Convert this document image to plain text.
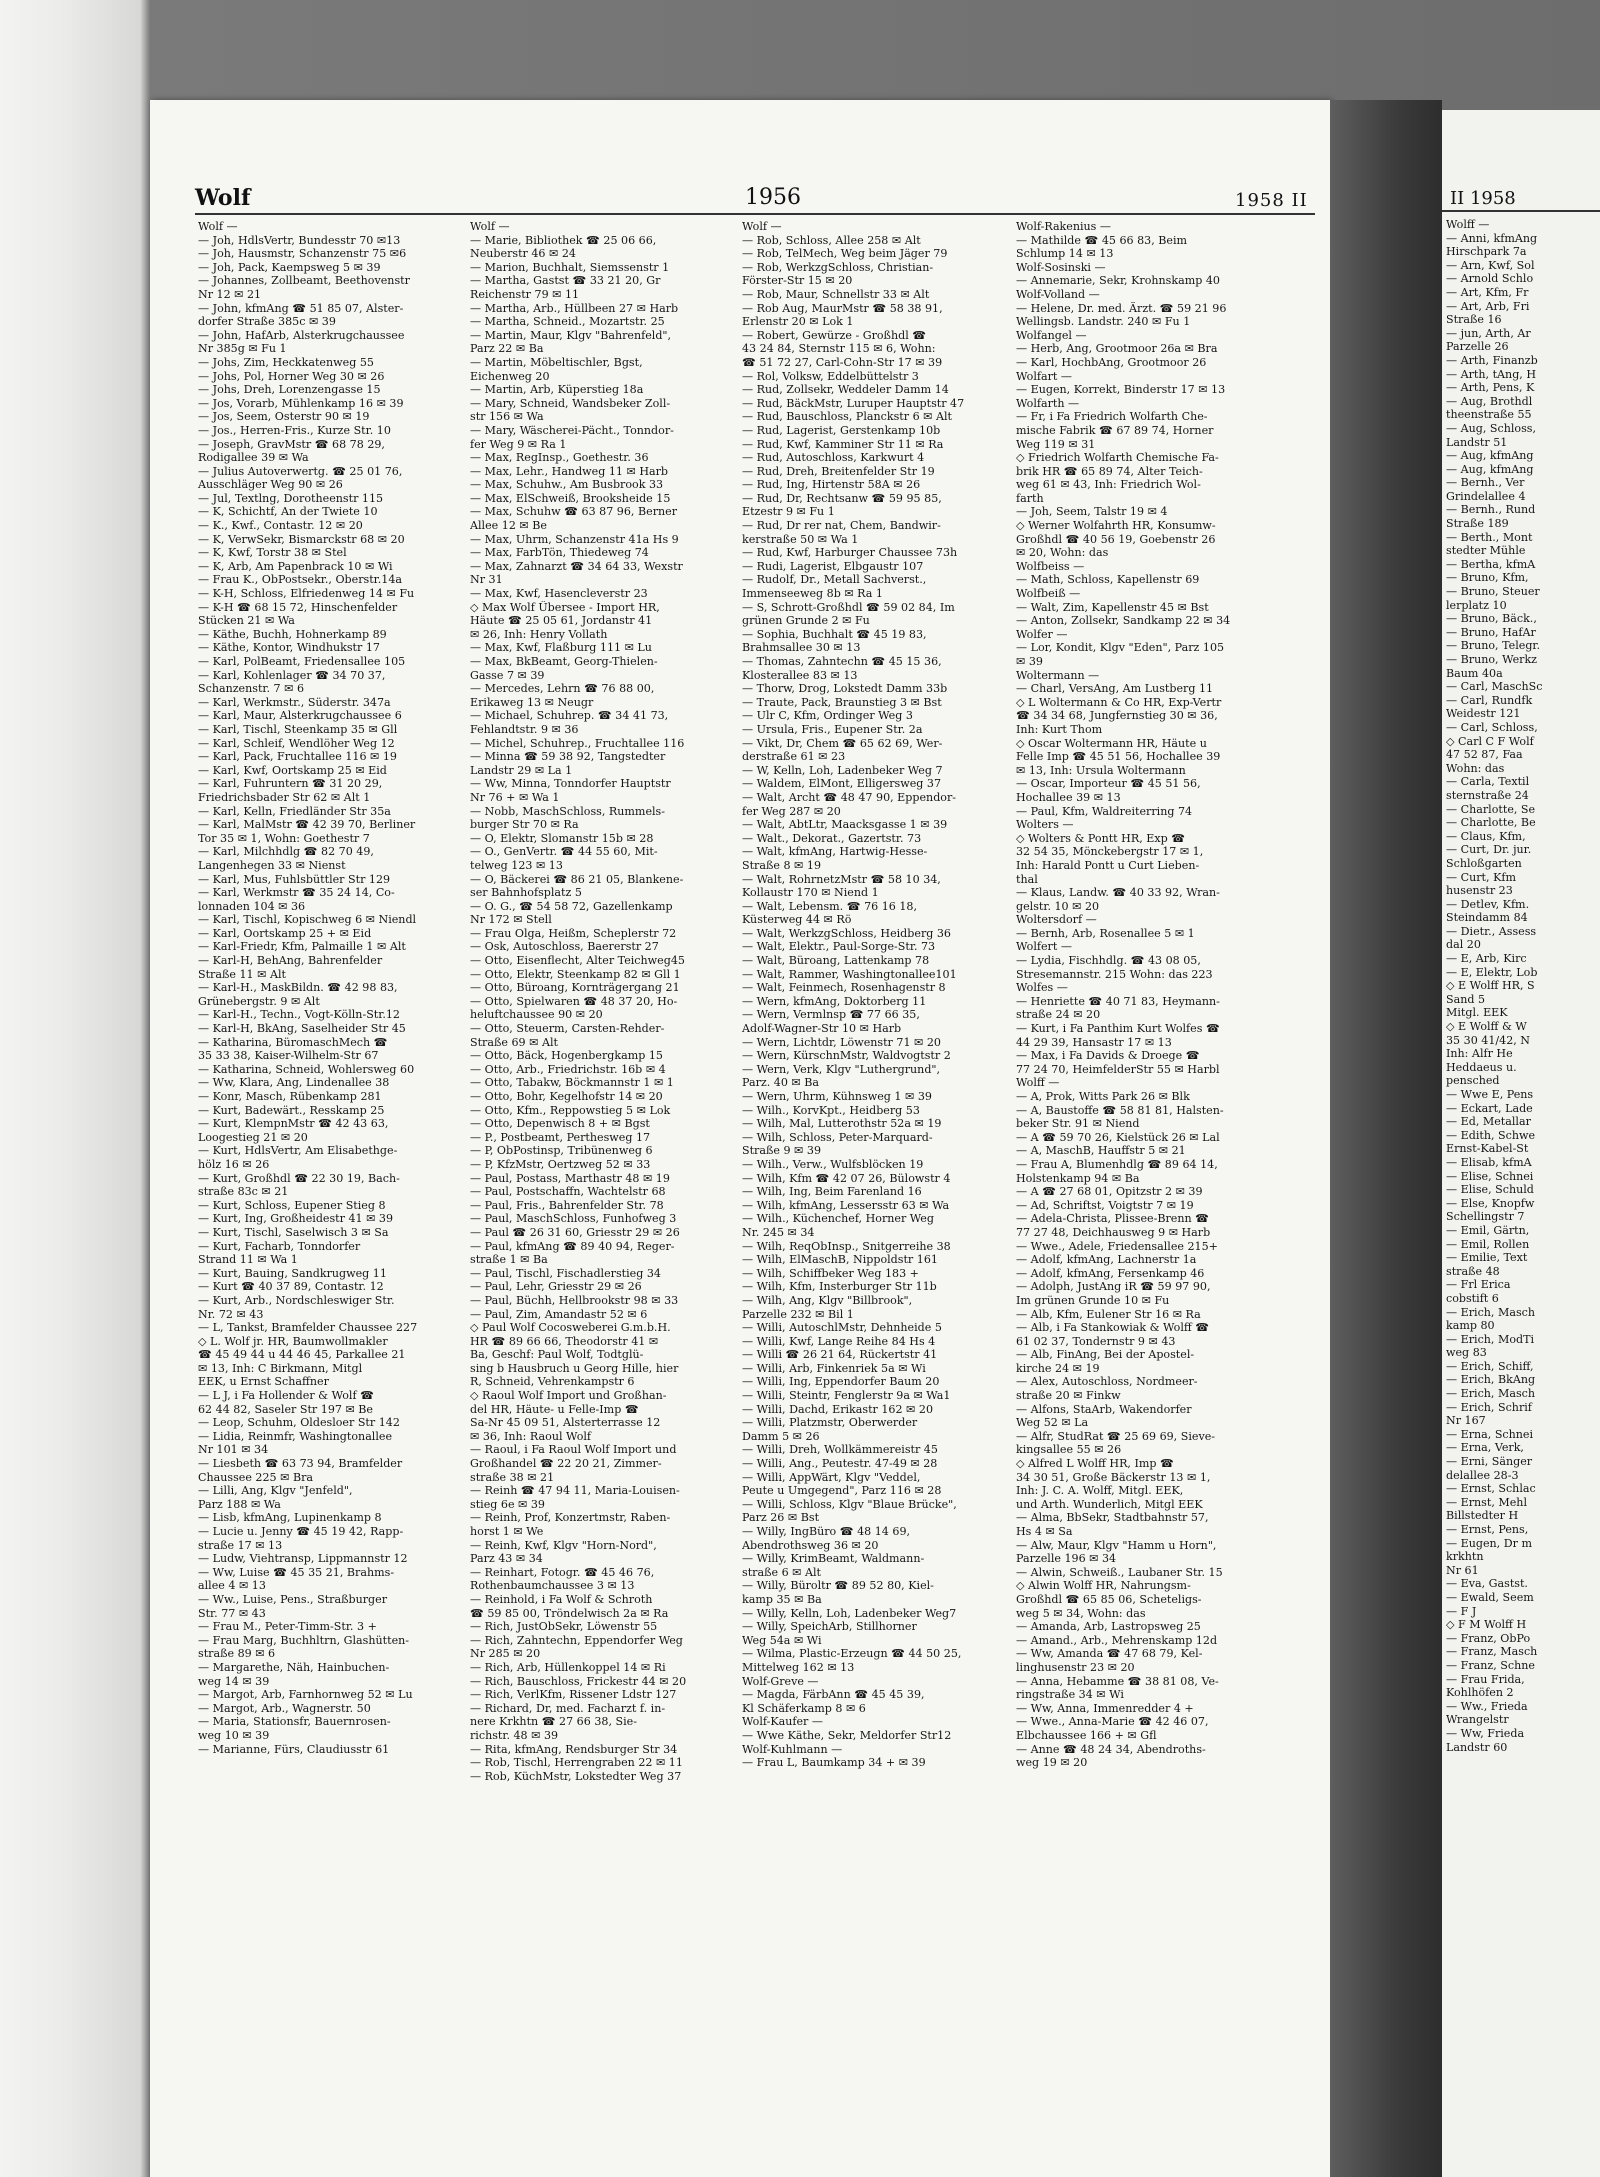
Wolf	1956	1958 II
Wolf —
— Joh, HdlsVertr, Bundesstr 70 ✉13
— Joh, Hausmstr, Schanzenstr 75 ✉6
— Joh, Pack, Kaempsweg 5 ✉ 39
— Johannes, Zollbeamt, Beethovenstr
Nr 12 ✉ 21
— John, kfmAng ☎ 51 85 07, Alster-
dorfer Straße 385c ✉ 39
— John, HafArb, Alsterkrugchaussee
Nr 385g ✉ Fu 1
— Johs, Zim, Heckkatenweg 55
— Johs, Pol, Horner Weg 30 ✉ 26
— Johs, Dreh, Lorenzengasse 15
— Jos, Vorarb, Mühlenkamp 16 ✉ 39
— Jos, Seem, Osterstr 90 ✉ 19
— Jos., Herren-Fris., Kurze Str. 10
— Joseph, GravMstr ☎ 68 78 29,
Rodigallee 39 ✉ Wa
— Julius Autoverwertg. ☎ 25 01 76,
Ausschläger Weg 90 ✉ 26
— Jul, Textlng, Dorotheenstr 115
— K, Schichtf, An der Twiete 10
— K., Kwf., Contastr. 12 ✉ 20
— K, VerwSekr, Bismarckstr 68 ✉ 20
— K, Kwf, Torstr 38 ✉ Stel
— K, Arb, Am Papenbrack 10 ✉ Wi
— Frau K., ObPostsekr., Oberstr.14a
— K-H, Schloss, Elfriedenweg 14 ✉ Fu
— K-H ☎ 68 15 72, Hinschenfelder
Stücken 21 ✉ Wa
— Käthe, Buchh, Hohnerkamp 89
— Käthe, Kontor, Windhukstr 17
— Karl, PolBeamt, Friedensallee 105
— Karl, Kohlenlager ☎ 34 70 37,
Schanzenstr. 7 ✉ 6
— Karl, Werkmstr., Süderstr. 347a
— Karl, Maur, Alsterkrugchaussee 6
— Karl, Tischl, Steenkamp 35 ✉ Gll
— Karl, Schleif, Wendlöher Weg 12
— Karl, Pack, Fruchtallee 116 ✉ 19
— Karl, Kwf, Oortskamp 25 ✉ Eid
— Karl, Fuhruntern ☎ 31 20 29,
Friedrichsbader Str 62 ✉ Alt 1
— Karl, Kelln, Friedländer Str 35a
— Karl, MalMstr ☎ 42 39 70, Berliner
Tor 35 ✉ 1, Wohn: Goethestr 7
— Karl, Milchhdlg ☎ 82 70 49,
Langenhegen 33 ✉ Nienst
— Karl, Mus, Fuhlsbüttler Str 129
— Karl, Werkmstr ☎ 35 24 14, Co-
lonnaden 104 ✉ 36
— Karl, Tischl, Kopischweg 6 ✉ Niendl
— Karl, Oortskamp 25 + ✉ Eid
— Karl-Friedr, Kfm, Palmaille 1 ✉ Alt
— Karl-H, BehAng, Bahrenfelder
Straße 11 ✉ Alt
— Karl-H., MaskBildn. ☎ 42 98 83,
Grünebergstr. 9 ✉ Alt
— Karl-H., Techn., Vogt-Kölln-Str.12
— Karl-H, BkAng, Saselheider Str 45
— Katharina, BüromaschMech ☎
35 33 38, Kaiser-Wilhelm-Str 67
— Katharina, Schneid, Wohlersweg 60
— Ww, Klara, Ang, Lindenallee 38
— Konr, Masch, Rübenkamp 281
— Kurt, Badewärt., Resskamp 25
— Kurt, KlempnMstr ☎ 42 43 63,
Loogestieg 21 ✉ 20
— Kurt, HdlsVertr, Am Elisabethge-
hölz 16 ✉ 26
— Kurt, Großhdl ☎ 22 30 19, Bach-
straße 83c ✉ 21
— Kurt, Schloss, Eupener Stieg 8
— Kurt, Ing, Großheidestr 41 ✉ 39
— Kurt, Tischl, Saselwisch 3 ✉ Sa
— Kurt, Facharb, Tonndorfer
Strand 11 ✉ Wa 1
— Kurt, Bauing, Sandkrugweg 11
— Kurt ☎ 40 37 89, Contastr. 12
— Kurt, Arb., Nordschleswiger Str.
Nr. 72 ✉ 43
— L, Tankst, Bramfelder Chaussee 227
◇ L. Wolf jr. HR, Baumwollmakler
☎ 45 49 44 u 44 46 45, Parkallee 21
✉ 13, Inh: C Birkmann, Mitgl
EEK, u Ernst Schaffner
— L J, i Fa Hollender & Wolf ☎
62 44 82, Saseler Str 197 ✉ Be
— Leop, Schuhm, Oldesloer Str 142
— Lidia, Reinmfr, Washingtonallee
Nr 101 ✉ 34
— Liesbeth ☎ 63 73 94, Bramfelder
Chaussee 225 ✉ Bra
— Lilli, Ang, Klgv "Jenfeld",
Parz 188 ✉ Wa
— Lisb, kfmAng, Lupinenkamp 8
— Lucie u. Jenny ☎ 45 19 42, Rapp-
straße 17 ✉ 13
— Ludw, Viehtransp, Lippmannstr 12
— Ww, Luise ☎ 45 35 21, Brahms-
allee 4 ✉ 13
— Ww., Luise, Pens., Straßburger
Str. 77 ✉ 43
— Frau M., Peter-Timm-Str. 3 +
— Frau Marg, Buchhltrn, Glashütten-
straße 89 ✉ 6
— Margarethe, Näh, Hainbuchen-
weg 14 ✉ 39
— Margot, Arb, Farnhornweg 52 ✉ Lu
— Margot, Arb., Wagnerstr. 50
— Maria, Stationsfr, Bauernrosen-
weg 10 ✉ 39
— Marianne, Fürs, Claudiusstr 61
Wolf —
— Marie, Bibliothek ☎ 25 06 66,
Neuberstr 46 ✉ 24
— Marion, Buchhalt, Siemssenstr 1
— Martha, Gastst ☎ 33 21 20, Gr
Reichenstr 79 ✉ 11
— Martha, Arb., Hüllbeen 27 ✉ Harb
— Martha, Schneid., Mozartstr. 25
— Martin, Maur, Klgv "Bahrenfeld",
Parz 22 ✉ Ba
— Martin, Möbeltischler, Bgst,
Eichenweg 20
— Martin, Arb, Küperstieg 18a
— Mary, Schneid, Wandsbeker Zoll-
str 156 ✉ Wa
— Mary, Wäscherei-Pächt., Tonndor-
fer Weg 9 ✉ Ra 1
— Max, RegInsp., Goethestr. 36
— Max, Lehr., Handweg 11 ✉ Harb
— Max, Schuhw., Am Busbrook 33
— Max, ElSchweiß, Brooksheide 15
— Max, Schuhw ☎ 63 87 96, Berner
Allee 12 ✉ Be
— Max, Uhrm, Schanzenstr 41a Hs 9
— Max, FarbTön, Thiedeweg 74
— Max, Zahnarzt ☎ 34 64 33, Wexstr
Nr 31
— Max, Kwf, Hasencleverstr 23
◇ Max Wolf Übersee - Import HR,
Häute ☎ 25 05 61, Jordanstr 41
✉ 26, Inh: Henry Vollath
— Max, Kwf, Flaßburg 111 ✉ Lu
— Max, BkBeamt, Georg-Thielen-
Gasse 7 ✉ 39
— Mercedes, Lehrn ☎ 76 88 00,
Erikaweg 13 ✉ Neugr
— Michael, Schuhrep. ☎ 34 41 73,
Fehlandtstr. 9 ✉ 36
— Michel, Schuhrep., Fruchtallee 116
— Minna ☎ 59 38 92, Tangstedter
Landstr 29 ✉ La 1
— Ww, Minna, Tonndorfer Hauptstr
Nr 76 + ✉ Wa 1
— Nobb, MaschSchloss, Rummels-
burger Str 70 ✉ Ra
— O, Elektr, Slomanstr 15b ✉ 28
— O., GenVertr. ☎ 44 55 60, Mit-
telweg 123 ✉ 13
— O, Bäckerei ☎ 86 21 05, Blankene-
ser Bahnhofsplatz 5
— O. G., ☎ 54 58 72, Gazellenkamp
Nr 172 ✉ Stell
— Frau Olga, Heißm, Scheplerstr 72
— Osk, Autoschloss, Baererstr 27
— Otto, Eisenflecht, Alter Teichweg45
— Otto, Elektr, Steenkamp 82 ✉ Gll 1
— Otto, Büroang, Kornträgergang 21
— Otto, Spielwaren ☎ 48 37 20, Ho-
heluftchaussee 90 ✉ 20
— Otto, Steuerm, Carsten-Rehder-
Straße 69 ✉ Alt
— Otto, Bäck, Hogenbergkamp 15
— Otto, Arb., Friedrichstr. 16b ✉ 4
— Otto, Tabakw, Böckmannstr 1 ✉ 1
— Otto, Bohr, Kegelhofstr 14 ✉ 20
— Otto, Kfm., Reppowstieg 5 ✉ Lok
— Otto, Depenwisch 8 + ✉ Bgst
— P., Postbeamt, Perthesweg 17
— P, ObPostinsp, Tribünenweg 6
— P, KfzMstr, Oertzweg 52 ✉ 33
— Paul, Postass, Marthastr 48 ✉ 19
— Paul, Postschaffn, Wachtelstr 68
— Paul, Fris., Bahrenfelder Str. 78
— Paul, MaschSchloss, Funhofweg 3
— Paul ☎ 26 31 60, Griesstr 29 ✉ 26
— Paul, kfmAng ☎ 89 40 94, Reger-
straße 1 ✉ Ba
— Paul, Tischl, Fischadlerstieg 34
— Paul, Lehr, Griesstr 29 ✉ 26
— Paul, Büchh, Hellbrookstr 98 ✉ 33
— Paul, Zim, Amandastr 52 ✉ 6
◇ Paul Wolf Cocosweberei G.m.b.H.
HR ☎ 89 66 66, Theodorstr 41 ✉
Ba, Geschf: Paul Wolf, Todtglü-
sing b Hausbruch u Georg Hille, hier
R, Schneid, Vehrenkampstr 6
◇ Raoul Wolf Import und Großhan-
del HR, Häute- u Felle-Imp ☎
Sa-Nr 45 09 51, Alsterterrasse 12
✉ 36, Inh: Raoul Wolf
— Raoul, i Fa Raoul Wolf Import und
Großhandel ☎ 22 20 21, Zimmer-
straße 38 ✉ 21
— Reinh ☎ 47 94 11, Maria-Louisen-
stieg 6e ✉ 39
— Reinh, Prof, Konzertmstr, Raben-
horst 1 ✉ We
— Reinh, Kwf, Klgv "Horn-Nord",
Parz 43 ✉ 34
— Reinhart, Fotogr. ☎ 45 46 76,
Rothenbaumchaussee 3 ✉ 13
— Reinhold, i Fa Wolf & Schroth
☎ 59 85 00, Tröndelwisch 2a ✉ Ra
— Rich, JustObSekr, Löwenstr 55
— Rich, Zahntechn, Eppendorfer Weg
Nr 285 ✉ 20
— Rich, Arb, Hüllenkoppel 14 ✉ Ri
— Rich, Bauschloss, Frickestr 44 ✉ 20
— Rich, VerlKfm, Rissener Ldstr 127
— Richard, Dr, med. Facharzt f. in-
nere Krkhtn ☎ 27 66 38, Sie-
richstr. 48 ✉ 39
— Rita, kfmAng, Rendsburger Str 34
— Rob, Tischl, Herrengraben 22 ✉ 11
— Rob, KüchMstr, Lokstedter Weg 37
Wolf —
— Rob, Schloss, Allee 258 ✉ Alt
— Rob, TelMech, Weg beim Jäger 79
— Rob, WerkzgSchloss, Christian-
Förster-Str 15 ✉ 20
— Rob, Maur, Schnellstr 33 ✉ Alt
— Rob Aug, MaurMstr ☎ 58 38 91,
Erlenstr 20 ✉ Lok 1
— Robert, Gewürze - Großhdl ☎
43 24 84, Sternstr 115 ✉ 6, Wohn:
☎ 51 72 27, Carl-Cohn-Str 17 ✉ 39
— Rol, Volksw, Eddelbüttelstr 3
— Rud, Zollsekr, Weddeler Damm 14
— Rud, BäckMstr, Luruper Hauptstr 47
— Rud, Bauschloss, Planckstr 6 ✉ Alt
— Rud, Lagerist, Gerstenkamp 10b
— Rud, Kwf, Kamminer Str 11 ✉ Ra
— Rud, Autoschloss, Karkwurt 4
— Rud, Dreh, Breitenfelder Str 19
— Rud, Ing, Hirtenstr 58A ✉ 26
— Rud, Dr, Rechtsanw ☎ 59 95 85,
Etzestr 9 ✉ Fu 1
— Rud, Dr rer nat, Chem, Bandwir-
kerstraße 50 ✉ Wa 1
— Rud, Kwf, Harburger Chaussee 73h
— Rudi, Lagerist, Elbgaustr 107
— Rudolf, Dr., Metall Sachverst.,
Immenseeweg 8b ✉ Ra 1
— S, Schrott-Großhdl ☎ 59 02 84, Im
grünen Grunde 2 ✉ Fu
— Sophia, Buchhalt ☎ 45 19 83,
Brahmsallee 30 ✉ 13
— Thomas, Zahntechn ☎ 45 15 36,
Klosterallee 83 ✉ 13
— Thorw, Drog, Lokstedt Damm 33b
— Traute, Pack, Braunstieg 3 ✉ Bst
— Ulr C, Kfm, Ordinger Weg 3
— Ursula, Fris., Eupener Str. 2a
— Vikt, Dr, Chem ☎ 65 62 69, Wer-
derstraße 61 ✉ 23
— W, Kelln, Loh, Ladenbeker Weg 7
— Waldem, ElMont, Elligersweg 37
— Walt, Archt ☎ 48 47 90, Eppendor-
fer Weg 287 ✉ 20
— Walt, AbtLtr, Maacksgasse 1 ✉ 39
— Walt., Dekorat., Gazertstr. 73
— Walt, kfmAng, Hartwig-Hesse-
Straße 8 ✉ 19
— Walt, RohrnetzMstr ☎ 58 10 34,
Kollaustr 170 ✉ Niend 1
— Walt, Lebensm. ☎ 76 16 18,
Küsterweg 44 ✉ Rö
— Walt, WerkzgSchloss, Heidberg 36
— Walt, Elektr., Paul-Sorge-Str. 73
— Walt, Büroang, Lattenkamp 78
— Walt, Rammer, Washingtonallee101
— Walt, Feinmech, Rosenhagenstr 8
— Wern, kfmAng, Doktorberg 11
— Wern, Vermlnsp ☎ 77 66 35,
Adolf-Wagner-Str 10 ✉ Harb
— Wern, Lichtdr, Löwenstr 71 ✉ 20
— Wern, KürschnMstr, Waldvogtstr 2
— Wern, Verk, Klgv "Luthergrund",
Parz. 40 ✉ Ba
— Wern, Uhrm, Kühnsweg 1 ✉ 39
— Wilh., KorvKpt., Heidberg 53
— Wilh, Mal, Lutterothstr 52a ✉ 19
— Wilh, Schloss, Peter-Marquard-
Straße 9 ✉ 39
— Wilh., Verw., Wulfsblöcken 19
— Wilh, Kfm ☎ 42 07 26, Bülowstr 4
— Wilh, Ing, Beim Farenland 16
— Wilh, kfmAng, Lessersstr 63 ✉ Wa
— Wilh., Küchenchef, Horner Weg
Nr. 245 ✉ 34
— Wilh, ReqObInsp., Snitgerreihe 38
— Wilh, ElMaschB, Nippoldstr 161
— Wilh, Schiffbeker Weg 183 +
— Wilh, Kfm, Insterburger Str 11b
— Wilh, Ang, Klgv "Billbrook",
Parzelle 232 ✉ Bil 1
— Willi, AutoschlMstr, Dehnheide 5
— Willi, Kwf, Lange Reihe 84 Hs 4
— Willi ☎ 26 21 64, Rückertstr 41
— Willi, Arb, Finkenriek 5a ✉ Wi
— Willi, Ing, Eppendorfer Baum 20
— Willi, Steintr, Fenglerstr 9a ✉ Wa1
— Willi, Dachd, Erikastr 162 ✉ 20
— Willi, Platzmstr, Oberwerder
Damm 5 ✉ 26
— Willi, Dreh, Wollkämmereistr 45
— Willi, Ang., Peutestr. 47-49 ✉ 28
— Willi, AppWärt, Klgv "Veddel,
Peute u Umgegend", Parz 116 ✉ 28
— Willi, Schloss, Klgv "Blaue Brücke",
Parz 26 ✉ Bst
— Willy, IngBüro ☎ 48 14 69,
Abendrothsweg 36 ✉ 20
— Willy, KrimBeamt, Waldmann-
straße 6 ✉ Alt
— Willy, Büroltr ☎ 89 52 80, Kiel-
kamp 35 ✉ Ba
— Willy, Kelln, Loh, Ladenbeker Weg7
— Willy, SpeichArb, Stillhorner
Weg 54a ✉ Wi
— Wilma, Plastic-Erzeugn ☎ 44 50 25,
Mittelweg 162 ✉ 13
Wolf-Greve —
— Magda, FärbAnn ☎ 45 45 39,
Kl Schäferkamp 8 ✉ 6
Wolf-Kaufer —
— Wwe Käthe, Sekr, Meldorfer Str12
Wolf-Kuhlmann —
— Frau L, Baumkamp 34 + ✉ 39
Wolf-Rakenius —
— Mathilde ☎ 45 66 83, Beim
Schlump 14 ✉ 13
Wolf-Sosinski —
— Annemarie, Sekr, Krohnskamp 40
Wolf-Volland —
— Helene, Dr. med. Ärzt. ☎ 59 21 96
Wellingsb. Landstr. 240 ✉ Fu 1
Wolfangel —
— Herb, Ang, Grootmoor 26a ✉ Bra
— Karl, HochbAng, Grootmoor 26
Wolfart —
— Eugen, Korrekt, Binderstr 17 ✉ 13
Wolfarth —
— Fr, i Fa Friedrich Wolfarth Che-
mische Fabrik ☎ 67 89 74, Horner
Weg 119 ✉ 31
◇ Friedrich Wolfarth Chemische Fa-
brik HR ☎ 65 89 74, Alter Teich-
weg 61 ✉ 43, Inh: Friedrich Wol-
farth
— Joh, Seem, Talstr 19 ✉ 4
◇ Werner Wolfahrth HR, Konsumw-
Großhdl ☎ 40 56 19, Goebenstr 26
✉ 20, Wohn: das
Wolfbeiss —
— Math, Schloss, Kapellenstr 69
Wolfbeiß —
— Walt, Zim, Kapellenstr 45 ✉ Bst
— Anton, Zollsekr, Sandkamp 22 ✉ 34
Wolfer —
— Lor, Kondit, Klgv "Eden", Parz 105
✉ 39
Woltermann —
— Charl, VersAng, Am Lustberg 11
◇ L Woltermann & Co HR, Exp-Vertr
☎ 34 34 68, Jungfernstieg 30 ✉ 36,
Inh: Kurt Thom
◇ Oscar Woltermann HR, Häute u
Felle Imp ☎ 45 51 56, Hochallee 39
✉ 13, Inh: Ursula Woltermann
— Oscar, Importeur ☎ 45 51 56,
Hochallee 39 ✉ 13
— Paul, Kfm, Waldreiterring 74
Wolters —
◇ Wolters & Pontt HR, Exp ☎
32 54 35, Mönckebergstr 17 ✉ 1,
Inh: Harald Pontt u Curt Lieben-
thal
— Klaus, Landw. ☎ 40 33 92, Wran-
gelstr. 10 ✉ 20
Woltersdorf —
— Bernh, Arb, Rosenallee 5 ✉ 1
Wolfert —
— Lydia, Fischhdlg. ☎ 43 08 05,
Stresemannstr. 215 Wohn: das 223
Wolfes —
— Henriette ☎ 40 71 83, Heymann-
straße 24 ✉ 20
— Kurt, i Fa Panthim Kurt Wolfes ☎
44 29 39, Hansastr 17 ✉ 13
— Max, i Fa Davids & Droege ☎
77 24 70, HeimfelderStr 55 ✉ Harbl
Wolff —
— A, Prok, Witts Park 26 ✉ Blk
— A, Baustoffe ☎ 58 81 81, Halsten-
beker Str. 91 ✉ Niend
— A ☎ 59 70 26, Kielstück 26 ✉ Lal
— A, MaschB, Hauffstr 5 ✉ 21
— Frau A, Blumenhdlg ☎ 89 64 14,
Holstenkamp 94 ✉ Ba
— A ☎ 27 68 01, Opitzstr 2 ✉ 39
— Ad, Schriftst, Voigtstr 7 ✉ 19
— Adela-Christa, Plissee-Brenn ☎
77 27 48, Deichhausweg 9 ✉ Harb
— Wwe., Adele, Friedensallee 215+
— Adolf, kfmAng, Lachnerstr 1a
— Adolf, kfmAng, Fersenkamp 46
— Adolph, JustAng iR ☎ 59 97 90,
Im grünen Grunde 10 ✉ Fu
— Alb, Kfm, Eulener Str 16 ✉ Ra
— Alb, i Fa Stankowiak & Wolff ☎
61 02 37, Tondernstr 9 ✉ 43
— Alb, FinAng, Bei der Apostel-
kirche 24 ✉ 19
— Alex, Autoschloss, Nordmeer-
straße 20 ✉ Finkw
— Alfons, StaArb, Wakendorfer
Weg 52 ✉ La
— Alfr, StudRat ☎ 25 69 69, Sieve-
kingsallee 55 ✉ 26
◇ Alfred L Wolff HR, Imp ☎
34 30 51, Große Bäckerstr 13 ✉ 1,
Inh: J. C. A. Wolff, Mitgl. EEK,
und Arth. Wunderlich, Mitgl EEK
— Alma, BbSekr, Stadtbahnstr 57,
Hs 4 ✉ Sa
— Alw, Maur, Klgv "Hamm u Horn",
Parzelle 196 ✉ 34
— Alwin, Schweiß., Laubaner Str. 15
◇ Alwin Wolff HR, Nahrungsm-
Großhdl ☎ 65 85 06, Scheteligs-
weg 5 ✉ 34, Wohn: das
— Amanda, Arb, Lastropsweg 25
— Amand., Arb., Mehrenskamp 12d
— Ww, Amanda ☎ 47 68 79, Kel-
linghusenstr 23 ✉ 20
— Anna, Hebamme ☎ 38 81 08, Ve-
ringstraße 34 ✉ Wi
— Ww, Anna, Immenredder 4 +
— Wwe., Anna-Marie ☎ 42 46 07,
Elbchaussee 166 + ✉ Gfl
— Anne ☎ 48 24 34, Abendroths-
weg 19 ✉ 20
II 1958
Wolff —
— Anni, kfmAng
Hirschpark 7a
— Arn, Kwf, Sol
— Arnold Schlo
— Art, Kfm, Fr
— Art, Arb, Fri
Straße 16
— jun, Arth, Ar
Parzelle 26
— Arth, Finanzb
— Arth, tAng, H
— Arth, Pens, K
— Aug, Brothdl
theenstraße 55
— Aug, Schloss,
Landstr 51
— Aug, kfmAng
— Aug, kfmAng
— Bernh., Ver
Grindelallee 4
— Bernh., Rund
Straße 189
— Berth., Mont
stedter Mühle
— Bertha, kfmA
— Bruno, Kfm,
— Bruno, Steuer
lerplatz 10
— Bruno, Bäck.,
— Bruno, HafAr
— Bruno, Telegr.
— Bruno, Werkz
Baum 40a
— Carl, MaschSc
— Carl, Rundfk
Weidestr 121
— Carl, Schloss,
◇ Carl C F Wolf
47 52 87, Faa
Wohn: das
— Carla, Textil
sternstraße 24
— Charlotte, Se
— Charlotte, Be
— Claus, Kfm,
— Curt, Dr. jur.
Schloßgarten
— Curt, Kfm
husenstr 23
— Detlev, Kfm.
Steindamm 84
— Dietr., Assess
dal 20
— E, Arb, Kirc
— E, Elektr, Lob
◇ E Wolff HR, S
Sand 5
Mitgl. EEK
◇ E Wolff & W
35 30 41/42, N
Inh: Alfr He
Heddaeus u.
pensched
— Wwe E, Pens
— Eckart, Lade
— Ed, Metallar
— Edith, Schwe
Ernst-Kabel-St
— Elisab, kfmA
— Elise, Schnei
— Elise, Schuld
— Else, Knopfw
Schellingstr 7
— Emil, Gärtn,
— Emil, Rollen
— Emilie, Text
straße 48
— Frl Erica
cobstift 6
— Erich, Masch
kamp 80
— Erich, ModTi
weg 83
— Erich, Schiff,
— Erich, BkAng
— Erich, Masch
— Erich, Schrif
Nr 167
— Erna, Schnei
— Erna, Verk,
— Erni, Sänger
delallee 28-3
— Ernst, Schlac
— Ernst, Mehl
Billstedter H
— Ernst, Pens,
— Eugen, Dr m
krkhtn
Nr 61
— Eva, Gastst.
— Ewald, Seem
— F J
◇ F M Wolff H
— Franz, ObPo
— Franz, Masch
— Franz, Schne
— Frau Frida,
Kohlhöfen 2
— Ww., Frieda
Wrangelstr
— Ww, Frieda
Landstr 60
